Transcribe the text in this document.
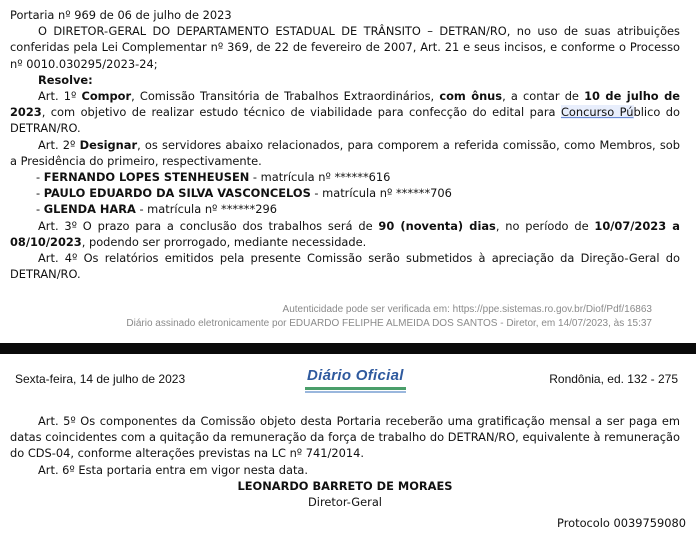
Portaria nº 969 de 06 de julho de 2023
O DIRETOR-GERAL DO DEPARTAMENTO ESTADUAL DE TRÂNSITO – DETRAN/RO, no uso de suas atribuições conferidas pela Lei Complementar nº 369, de 22 de fevereiro de 2007, Art. 21 e seus incisos, e conforme o Processo nº 0010.030295/2023-24;
Resolve:
Art. 1º Compor, Comissão Transitória de Trabalhos Extraordinários, com ônus, a contar de 10 de julho de 2023, com objetivo de realizar estudo técnico de viabilidade para confecção do edital para Concurso Público do DETRAN/RO.
Art. 2º Designar, os servidores abaixo relacionados, para comporem a referida comissão, como Membros, sob a Presidência do primeiro, respectivamente.
- FERNANDO LOPES STENHEUSEN - matrícula nº ******616
- PAULO EDUARDO DA SILVA VASCONCELOS - matrícula nº ******706
- GLENDA HARA - matrícula nº ******296
Art. 3º O prazo para a conclusão dos trabalhos será de 90 (noventa) dias, no período de 10/07/2023 a 08/10/2023, podendo ser prorrogado, mediante necessidade.
Art. 4º Os relatórios emitidos pela presente Comissão serão submetidos à apreciação da Direção-Geral do DETRAN/RO.
Autenticidade pode ser verificada em: https://ppe.sistemas.ro.gov.br/Diof/Pdf/16863
Diário assinado eletronicamente por EDUARDO FELIPHE ALMEIDA DOS SANTOS - Diretor, em 14/07/2023, às 15:37
Sexta-feira, 14 de julho de 2023	Diário Oficial	Rondônia, ed. 132 - 275
Art. 5º Os componentes da Comissão objeto desta Portaria receberão uma gratificação mensal a ser paga em datas coincidentes com a quitação da remuneração da força de trabalho do DETRAN/RO, equivalente à remuneração do CDS-04, conforme alterações previstas na LC nº 741/2014.
Art. 6º Esta portaria entra em vigor nesta data.
LEONARDO BARRETO DE MORAES
Diretor-Geral
Protocolo 0039759080
